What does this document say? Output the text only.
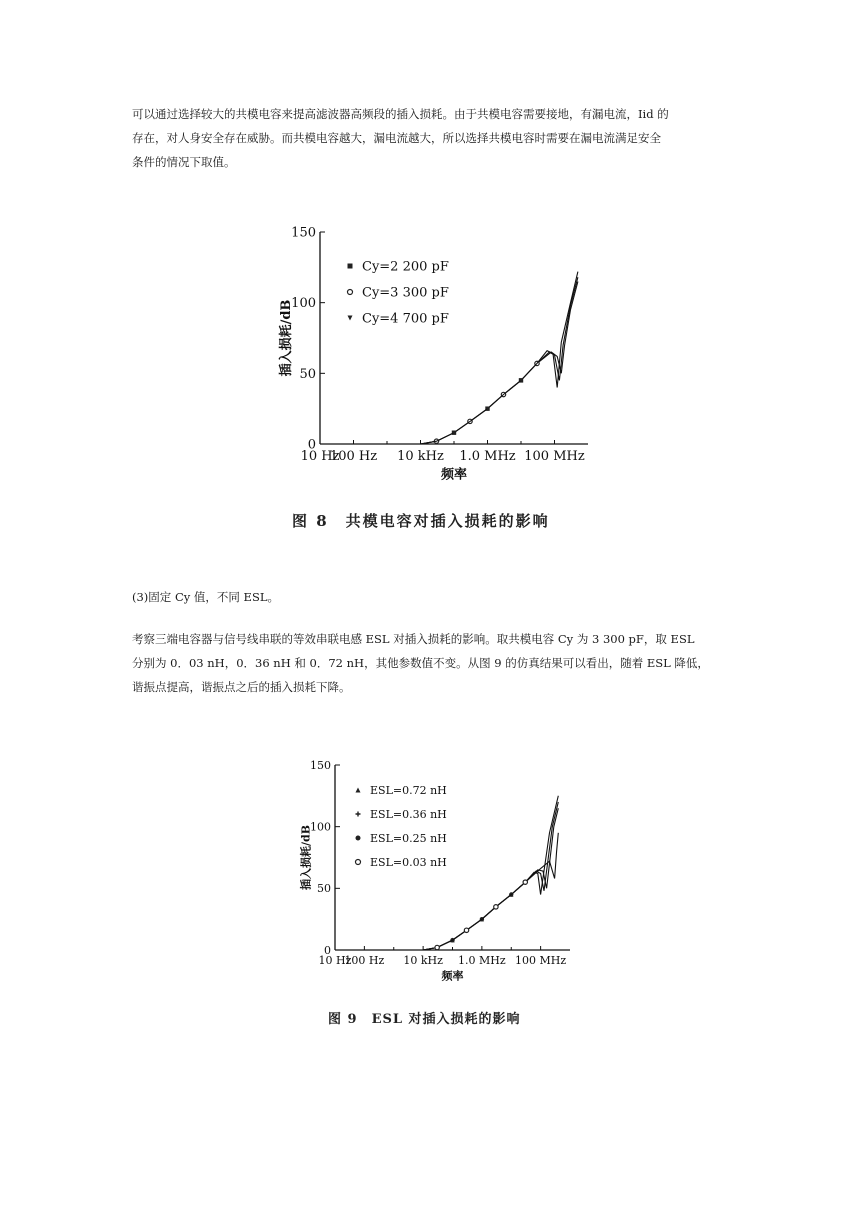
可以通过选择较大的共模电容来提高滤波器高频段的插入损耗。由于共模电容需要接地，有漏电流，Iid 的
存在，对人身安全存在威胁。而共模电容越大，漏电流越大，所以选择共模电容时需要在漏电流满足安全
条件的情况下取值。
0
50
100
150
10 Hz
100 Hz 10 kHz 1.0 MHz 100 MHz
频率
插入损耗/dB
Cy=2 200 pF
Cy=3 300 pF
Cy=4 700 pF
图 8　共模电容对插入损耗的影响
(3)固定 Cy 值，不同 ESL。
考察三端电容器与信号线串联的等效串联电感 ESL 对插入损耗的影响。取共模电容 Cy 为 3 300 pF，取 ESL
分别为 0．03 nH，0．36 nH 和 0．72 nH，其他参数值不变。从图 9 的仿真结果可以看出，随着 ESL 降低，
谐振点提高，谐振点之后的插入损耗下降。
0
50
100
150
10 Hz
100 Hz 10 kHz 1.0 MHz 100 MHz
频率
插入损耗/dB
ESL=0.72 nH
ESL=0.36 nH
ESL=0.25 nH
ESL=0.03 nH
图 9　ESL 对插入损耗的影响
